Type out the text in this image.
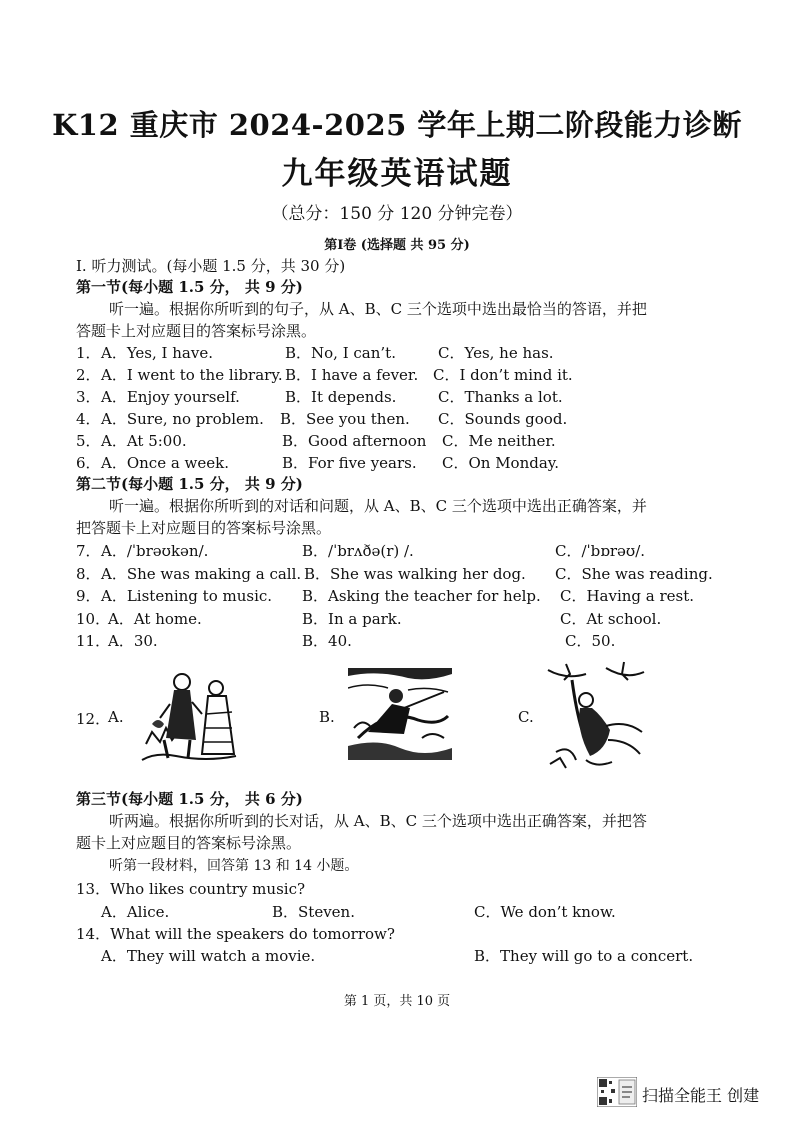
K12 重庆市 2024-2025 学年上期二阶段能力诊断
九年级英语试题
（总分：150 分 120 分钟完卷）
第Ⅰ卷 (选择题 共 95 分)
I. 听力测试。(每小题 1.5 分，共 30 分)
第一节(每小题 1.5 分， 共 9 分)
听一遍。根据你所听到的句子，从 A、B、C 三个选项中选出最恰当的答语，并把
答题卡上对应题目的答案标号涂黑。
1． A．Yes, I have.	B．No, I can’t.	C．Yes, he has.
2． A．I went to the library. B．I have a fever. C．I don’t mind it.
3． A．Enjoy yourself.	B．It depends.	C．Thanks a lot.
4． A．Sure, no problem. B．See you then. C．Sounds good.
5． A．At 5:00.	B．Good afternoon C．Me neither.
6． A．Once a week.	B．For five years. C．On Monday.
第二节(每小题 1.5 分， 共 9 分)
听一遍。根据你所听到的对话和问题，从 A、B、C 三个选项中选出正确答案，并
把答题卡上对应题目的答案标号涂黑。
7． A．/ˈbrəʊkən/.	B．/ˈbrʌðə(r) /.	C．/ˈbɒrəʊ/.
8． A．She was making a call. B．She was walking her dog. C．She was reading.
9． A．Listening to music. B．Asking the teacher for help. C．Having a rest.
10．
A．At home.	B．In a park.	C．At school.
11．
A．30.	B．40.	C．50.
12．
A.	B.	C.
第三节(每小题 1.5 分， 共 6 分)
听两遍。根据你所听到的长对话，从 A、B、C 三个选项中选出正确答案，并把答
题卡上对应题目的答案标号涂黑。
听第一段材料，回答第 13 和 14 小题。
13．Who likes country music?
A．Alice.	B．Steven.	C．We don’t know.
14．What will the speakers do tomorrow?
A．They will watch a movie.	B．They will go to a concert.
第 1 页，共 10 页
扫描全能王 创建
